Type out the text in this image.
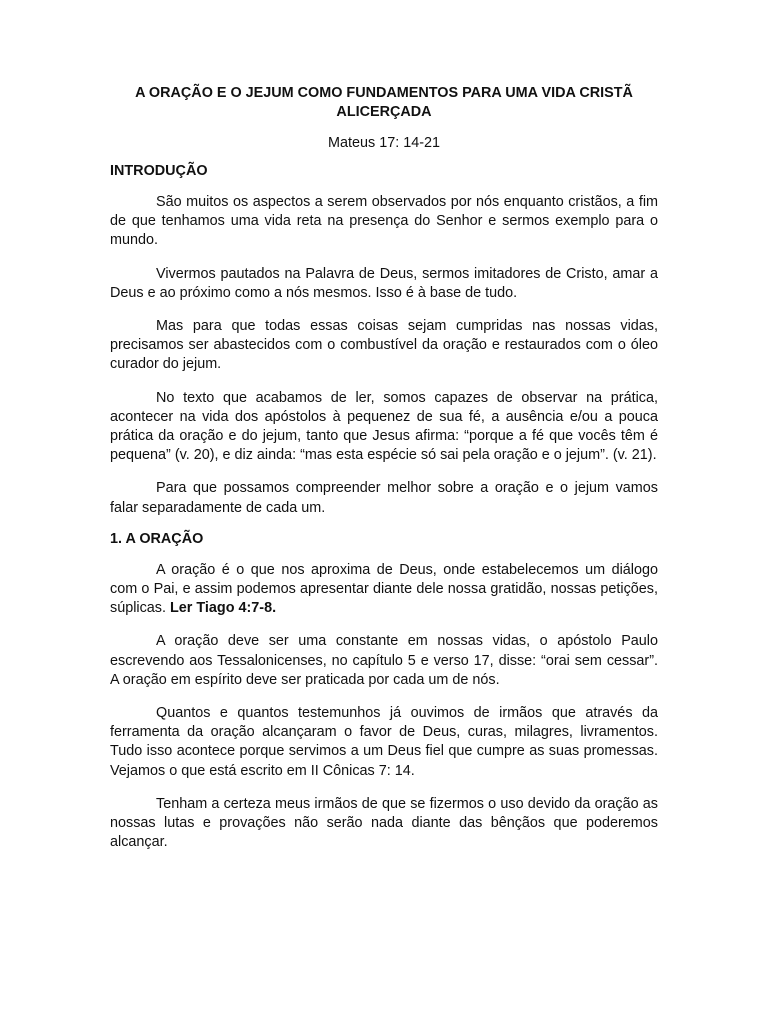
A ORAÇÃO E O JEJUM COMO FUNDAMENTOS PARA UMA VIDA CRISTÃ ALICERÇADA

Mateus 17: 14-21

INTRODUÇÃO

São muitos os aspectos a serem observados por nós enquanto cristãos, a fim de que tenhamos uma vida reta na presença do Senhor e sermos exemplo para o mundo.

Vivermos pautados na Palavra de Deus, sermos imitadores de Cristo, amar a Deus e ao próximo como a nós mesmos. Isso é à base de tudo.

Mas para que todas essas coisas sejam cumpridas nas nossas vidas, precisamos ser abastecidos com o combustível da oração e restaurados com o óleo curador do jejum.

No texto que acabamos de ler, somos capazes de observar na prática, acontecer na vida dos apóstolos à pequenez de sua fé, a ausência e/ou a pouca prática da oração e do jejum, tanto que Jesus afirma: “porque a fé que vocês têm é pequena” (v. 20), e diz ainda: “mas esta espécie só sai pela oração e o jejum”. (v. 21).

Para que possamos compreender melhor sobre a oração e o jejum vamos falar separadamente de cada um.

1. A ORAÇÃO

A oração é o que nos aproxima de Deus, onde estabelecemos um diálogo com o Pai, e assim podemos apresentar diante dele nossa gratidão, nossas petições, súplicas. Ler Tiago 4:7-8.

A oração deve ser uma constante em nossas vidas, o apóstolo Paulo escrevendo aos Tessalonicenses, no capítulo 5 e verso 17, disse: “orai sem cessar”. A oração em espírito deve ser praticada por cada um de nós.

Quantos e quantos testemunhos já ouvimos de irmãos que através da ferramenta da oração alcançaram o favor de Deus, curas, milagres, livramentos. Tudo isso acontece porque servimos a um Deus fiel que cumpre as suas promessas. Vejamos o que está escrito em II Cônicas 7: 14.

Tenham a certeza meus irmãos de que se fizermos o uso devido da oração as nossas lutas e provações não serão nada diante das bênçãos que poderemos alcançar.
